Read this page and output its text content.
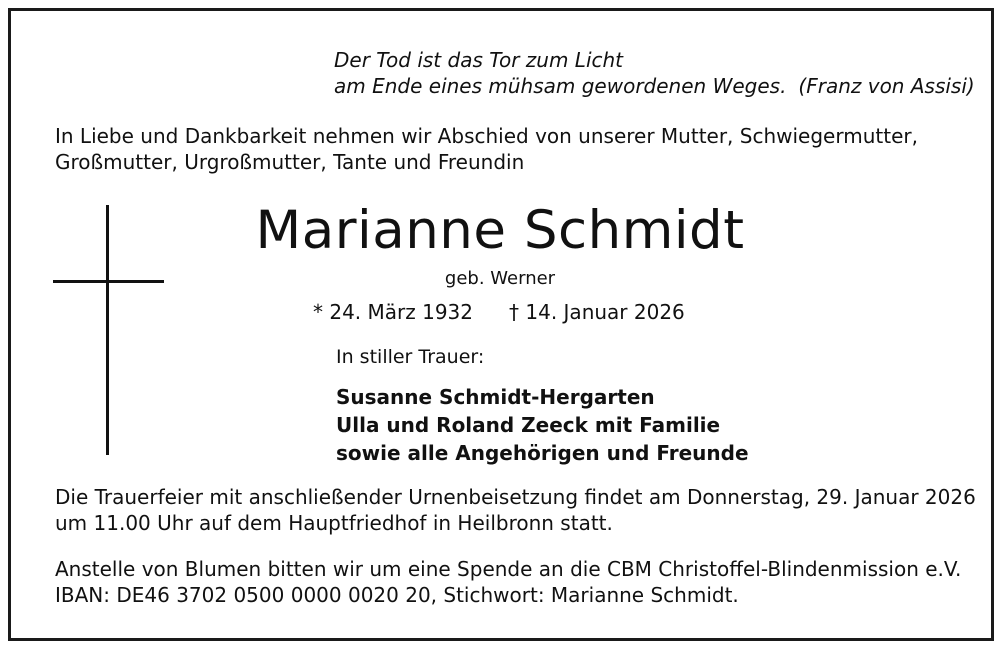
Der Tod ist das Tor zum Licht
am Ende eines mühsam gewordenen Weges. (Franz von Assisi)
In Liebe und Dankbarkeit nehmen wir Abschied von unserer Mutter, Schwiegermutter,
Großmutter, Urgroßmutter, Tante und Freundin
Marianne Schmidt
geb. Werner
* 24. März 1932 † 14. Januar 2026
In stiller Trauer:
Susanne Schmidt-Hergarten
Ulla und Roland Zeeck mit Familie
sowie alle Angehörigen und Freunde
Die Trauerfeier mit anschließender Urnenbeisetzung findet am Donnerstag, 29. Januar 2026
um 11.00 Uhr auf dem Hauptfriedhof in Heilbronn statt.
Anstelle von Blumen bitten wir um eine Spende an die CBM Christoffel-Blindenmission e.V.
IBAN: DE46 3702 0500 0000 0020 20, Stichwort: Marianne Schmidt.
